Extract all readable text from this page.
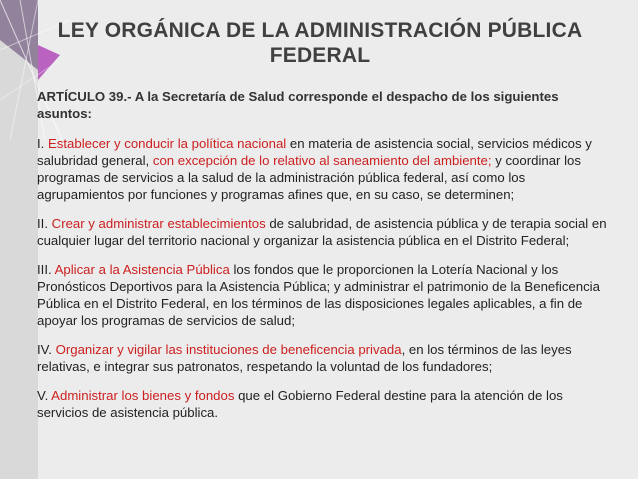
LEY ORGÁNICA DE LA ADMINISTRACIÓN PÚBLICA
FEDERAL

ARTÍCULO 39.- A la Secretaría de Salud corresponde el despacho de los siguientes asuntos:

I. Establecer y conducir la política nacional en materia de asistencia social, servicios médicos y salubridad general, con excepción de lo relativo al saneamiento del ambiente; y coordinar los programas de servicios a la salud de la administración pública federal, así como los agrupamientos por funciones y programas afines que, en su caso, se determinen;

II. Crear y administrar establecimientos de salubridad, de asistencia pública y de terapia social en cualquier lugar del territorio nacional y organizar la asistencia pública en el Distrito Federal;

III. Aplicar a la Asistencia Pública los fondos que le proporcionen la Lotería Nacional y los Pronósticos Deportivos para la Asistencia Pública; y administrar el patrimonio de la Beneficencia Pública en el Distrito Federal, en los términos de las disposiciones legales aplicables, a fin de apoyar los programas de servicios de salud;

IV. Organizar y vigilar las instituciones de beneficencia privada, en los términos de las leyes relativas, e integrar sus patronatos, respetando la voluntad de los fundadores;

V. Administrar los bienes y fondos que el Gobierno Federal destine para la atención de los servicios de asistencia pública.
